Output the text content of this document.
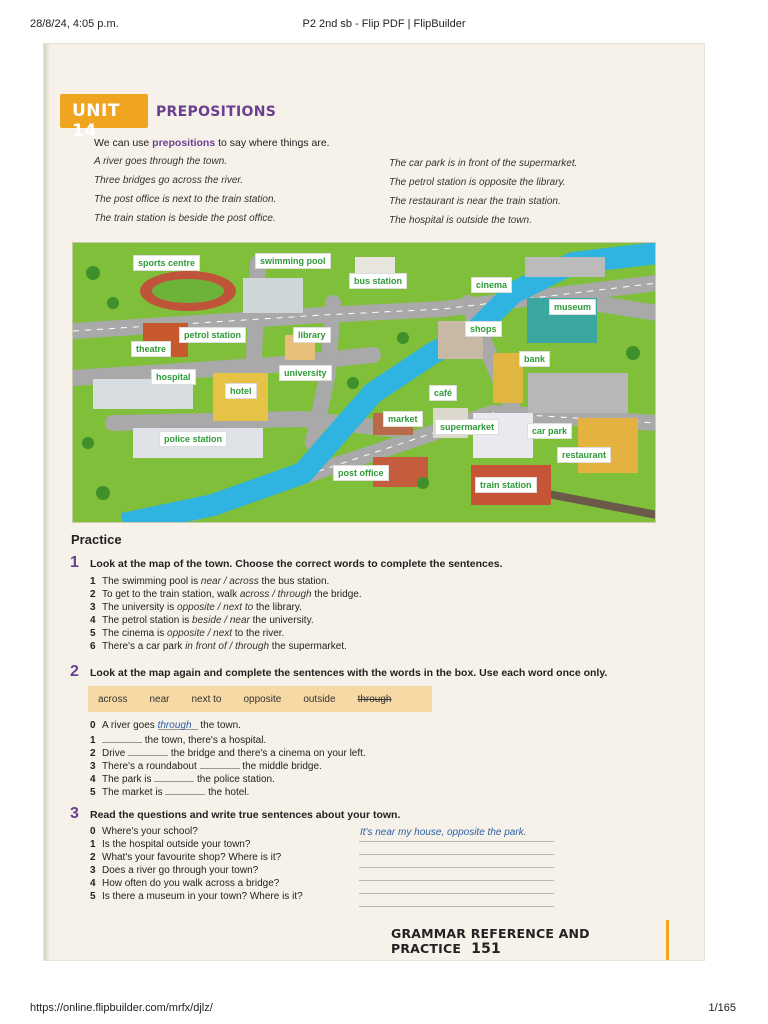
28/8/24, 4:05 p.m.	P2 2nd sb - Flip PDF | FlipBuilder
UNIT 14
PREPOSITIONS
We can use prepositions to say where things are.
A river goes through the town.
Three bridges go across the river.
The post office is next to the train station.
The train station is beside the post office.
The car park is in front of the supermarket.
The petrol station is opposite the library.
The restaurant is near the train station.
The hospital is outside the town.
sports centre	swimming pool
bus station	cinema
museum
petrol station	library
theatre
shops
bank
university
hospital
hotel	café
market
supermarket	car park
police station
restaurant
post office
train station
Practice
1 Look at the map of the town. Choose the correct words to complete the sentences.
1 The swimming pool is near / across the bus station.
2 To get to the train station, walk across / through the bridge.
3 The university is opposite / next to the library.
4 The petrol station is beside / near the university.
5 The cinema is opposite / next to the river.
6 There's a car park in front of / through the supermarket.
2 Look at the map again and complete the sentences with the words in the box. Use each word once only.
across near next to opposite outside through
0 A river goes through the town.
1	the town, there's a hospital.
2 Drive	the bridge and there's a cinema on your left.
3 There's a roundabout	the middle bridge.
4 The park is	the police station.
5 The market is	the hotel.
3 Read the questions and write true sentences about your town.
0 Where's your school?
1 Is the hospital outside your town?
2 What's your favourite shop? Where is it?
3 Does a river go through your town?
4 How often do you walk across a bridge?
5 Is there a museum in your town? Where is it?
It's near my house, opposite the park.
GRAMMAR REFERENCE AND PRACTICE 151
https://online.flipbuilder.com/mrfx/djlz/	1/165
